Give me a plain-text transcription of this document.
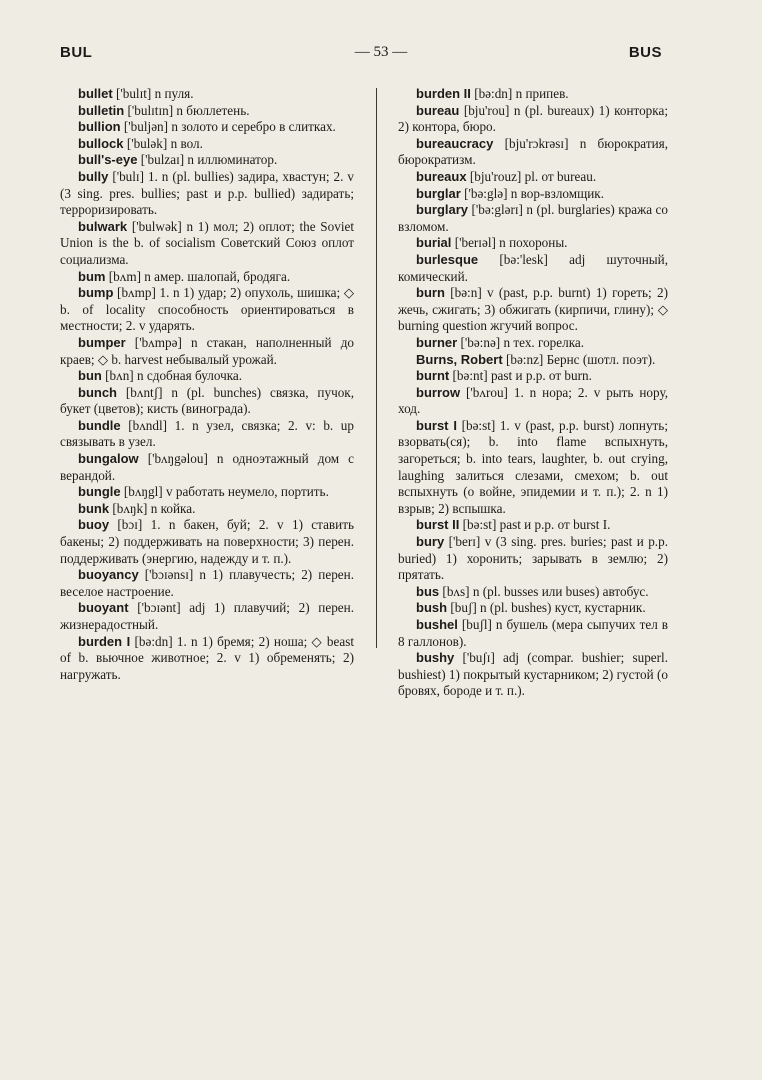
BUL	— 53 —	BUS

bullet ['bulɪt] n пуля.

bulletin ['bulɪtɪn] n бюллетень.

bullion ['buljən] n золото и серебро в слитках.

bullock ['bulək] n вол.

bull's-eye ['bulzaɪ] n иллюминатор.

bully ['bulɪ] 1. n (pl. bullies) задира, хвастун; 2. v (3 sing. pres. bullies; past и p.p. bullied) задирать; терроризировать.

bulwark ['bulwək] n 1) мол; 2) оплот; the Soviet Union is the b. of socialism Советский Союз оплот социализма.

bum [bʌm] n амер. шалопай, бродяга.

bump [bʌmp] 1. n 1) удар; 2) опухоль, шишка; ◇ b. of locality способность ориентироваться в местности; 2. v ударять.

bumper ['bʌmpə] n стакан, наполненный до краев; ◇ b. harvest небывалый урожай.

bun [bʌn] n сдобная булочка.

bunch [bʌntʃ] n (pl. bunches) связка, пучок, букет (цветов); кисть (винограда).

bundle [bʌndl] 1. n узел, связка; 2. v: b. up связывать в узел.

bungalow ['bʌŋgəlou] n одноэтажный дом с верандой.

bungle [bʌŋgl] v работать неумело, портить.

bunk [bʌŋk] n койка.

buoy [bɔɪ] 1. n бакен, буй; 2. v 1) ставить бакены; 2) поддерживать на поверхности; 3) перен. поддерживать (энергию, надежду и т. п.).

buoyancy ['bɔɪənsɪ] n 1) плавучесть; 2) перен. веселое настроение.

buoyant ['bɔɪənt] adj 1) плавучий; 2) перен. жизнерадостный.

burden I [bə:dn] 1. n 1) бремя; 2) ноша; ◇ beast of b. вьючное животное; 2. v 1) обременять; 2) нагружать.

burden II [bə:dn] n припев.

bureau [bju'rou] n (pl. bureaux) 1) конторка; 2) контора, бюро.

bureaucracy [bju'rɔkrəsɪ] n бюрократия, бюрократизм.

bureaux [bju'rouz] pl. от bureau.

burglar ['bə:glə] n вор-взломщик.

burglary ['bə:glərɪ] n (pl. burglaries) кража со взломом.

burial ['berɪəl] n похороны.

burlesque [bə:'lesk] adj шуточный, комический.

burn [bə:n] v (past, p.p. burnt) 1) гореть; 2) жечь, сжигать; 3) обжигать (кирпичи, глину); ◇ burning question жгучий вопрос.

burner ['bə:nə] n тех. горелка.

Burns, Robert [bə:nz] Бернс (шотл. поэт).

burnt [bə:nt] past и p.p. от burn.

burrow ['bʌrou] 1. n нора; 2. v рыть нору, ход.

burst I [bə:st] 1. v (past, p.p. burst) лопнуть; взорвать(ся); b. into flame вспыхнуть, загореться; b. into tears, laughter, b. out crying, laughing залиться слезами, смехом; b. out вспыхнуть (о войне, эпидемии и т. п.); 2. n 1) взрыв; 2) вспышка.

burst II [bə:st] past и p.p. от burst I.

bury ['berɪ] v (3 sing. pres. buries; past и p.p. buried) 1) хоронить; зарывать в землю; 2) прятать.

bus [bʌs] n (pl. busses или buses) автобус.

bush [buʃ] n (pl. bushes) куст, кустарник.

bushel [buʃl] n бушель (мера сыпучих тел в 8 галлонов).

bushy ['buʃɪ] adj (compar. bushier; superl. bushiest) 1) покрытый кустарником; 2) густой (о бровях, бороде и т. п.).
